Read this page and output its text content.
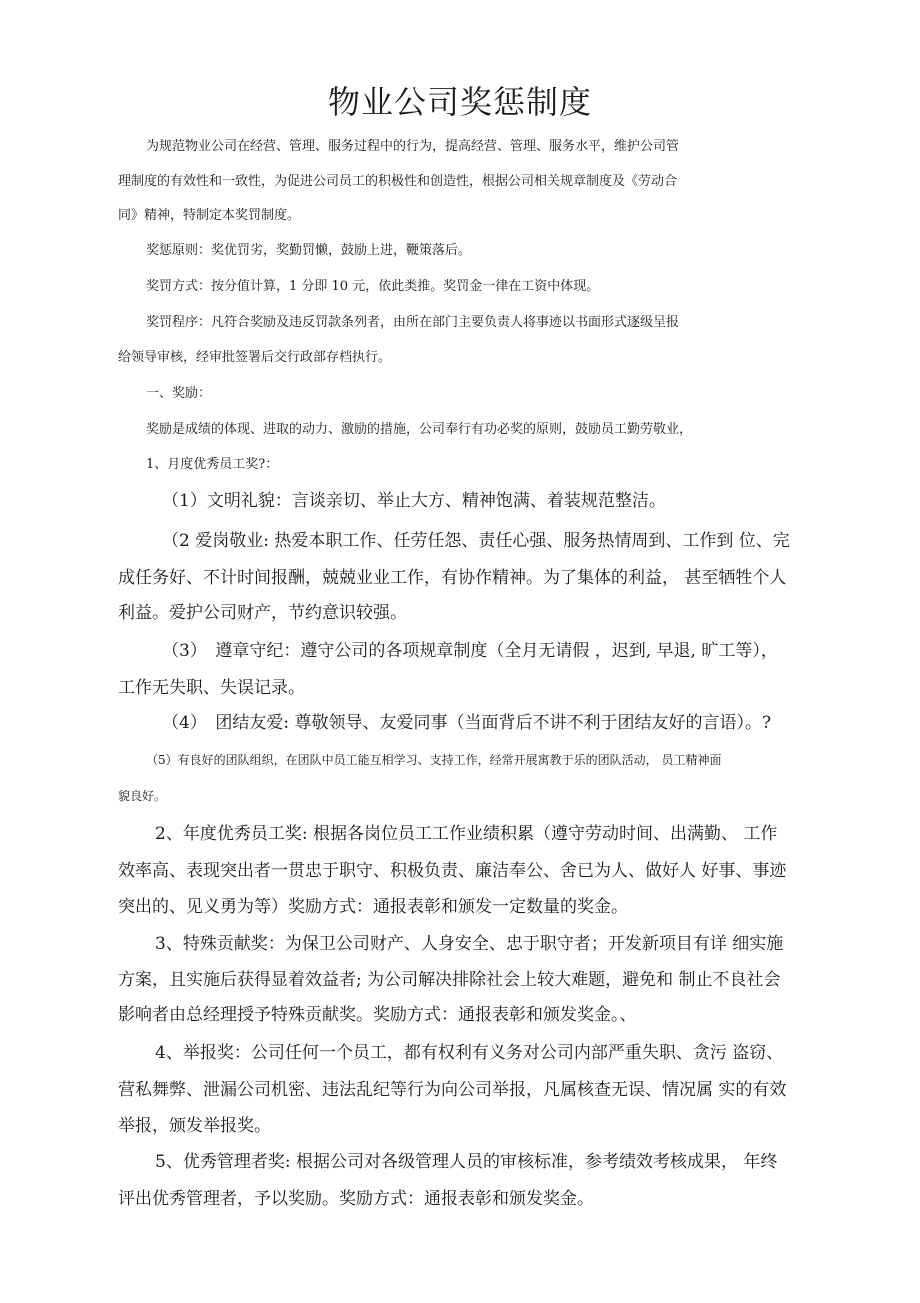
物业公司奖惩制度

为规范物业公司在经营、管理、服务过程中的行为，提高经营、管理、服务水平，维护公司管

理制度的有效性和一致性，为促进公司员工的积极性和创造性，根据公司相关规章制度及《劳动合

同》精神，特制定本奖罚制度。

奖惩原则：奖优罚劣，奖勤罚懒，鼓励上进，鞭策落后。

奖罚方式：按分值计算，1 分即 10 元，依此类推。奖罚金一律在工资中体现。

奖罚程序：凡符合奖励及违反罚款条列者，由所在部门主要负责人将事迹以书面形式逐级呈报

给领导审核，经审批签署后交行政部存档执行。

一、奖励：

奖励是成绩的体现、进取的动力、激励的措施，公司奉行有功必奖的原则，鼓励员工勤劳敬业，

1、月度优秀员工奖?：

（1）文明礼貌：言谈亲切、举止大方、精神饱满、着装规范整洁。

（2 爱岗敬业: 热爱本职工作、任劳任怨、责任心强、服务热情周到、工作到 位、完

成任务好、不计时间报酬，兢兢业业工作，有协作精神。为了集体的利益， 甚至牺牲个人

利益。爱护公司财产，节约意识较强。

（3）　遵章守纪：遵守公司的各项规章制度（全月无请假 ，迟到, 早退, 旷工等），

工作无失职、失误记录。

（4）　团结友爱: 尊敬领导、友爱同事（当面背后不讲不利于团结友好的言语）。?

（5）有良好的团队组织，在团队中员工能互相学习、支持工作，经常开展寓教于乐的团队活动， 员工精神面

貌良好。

2、年度优秀员工奖: 根据各岗位员工工作业绩积累（遵守劳动时间、出满勤、 工作

效率高、表现突出者一贯忠于职守、积极负责、廉洁奉公、舍已为人、做好人 好事、事迹

突出的、见义勇为等）奖励方式：通报表彰和颁发一定数量的奖金。

3、特殊贡献奖：为保卫公司财产、人身安全、忠于职守者；开发新项目有详 细实施

方案，且实施后获得显着效益者; 为公司解决排除社会上较大难题，避免和 制止不良社会

影响者由总经理授予特殊贡献奖。奖励方式：通报表彰和颁发奖金。、

4、举报奖：公司任何一个员工，都有权利有义务对公司内部严重失职、贪污 盗窃、

营私舞弊、泄漏公司机密、违法乱纪等行为向公司举报，凡属核查无误、情况属 实的有效

举报，颁发举报奖。

5、优秀管理者奖: 根据公司对各级管理人员的审核标准，参考绩效考核成果， 年终

评出优秀管理者，予以奖励。奖励方式：通报表彰和颁发奖金。
